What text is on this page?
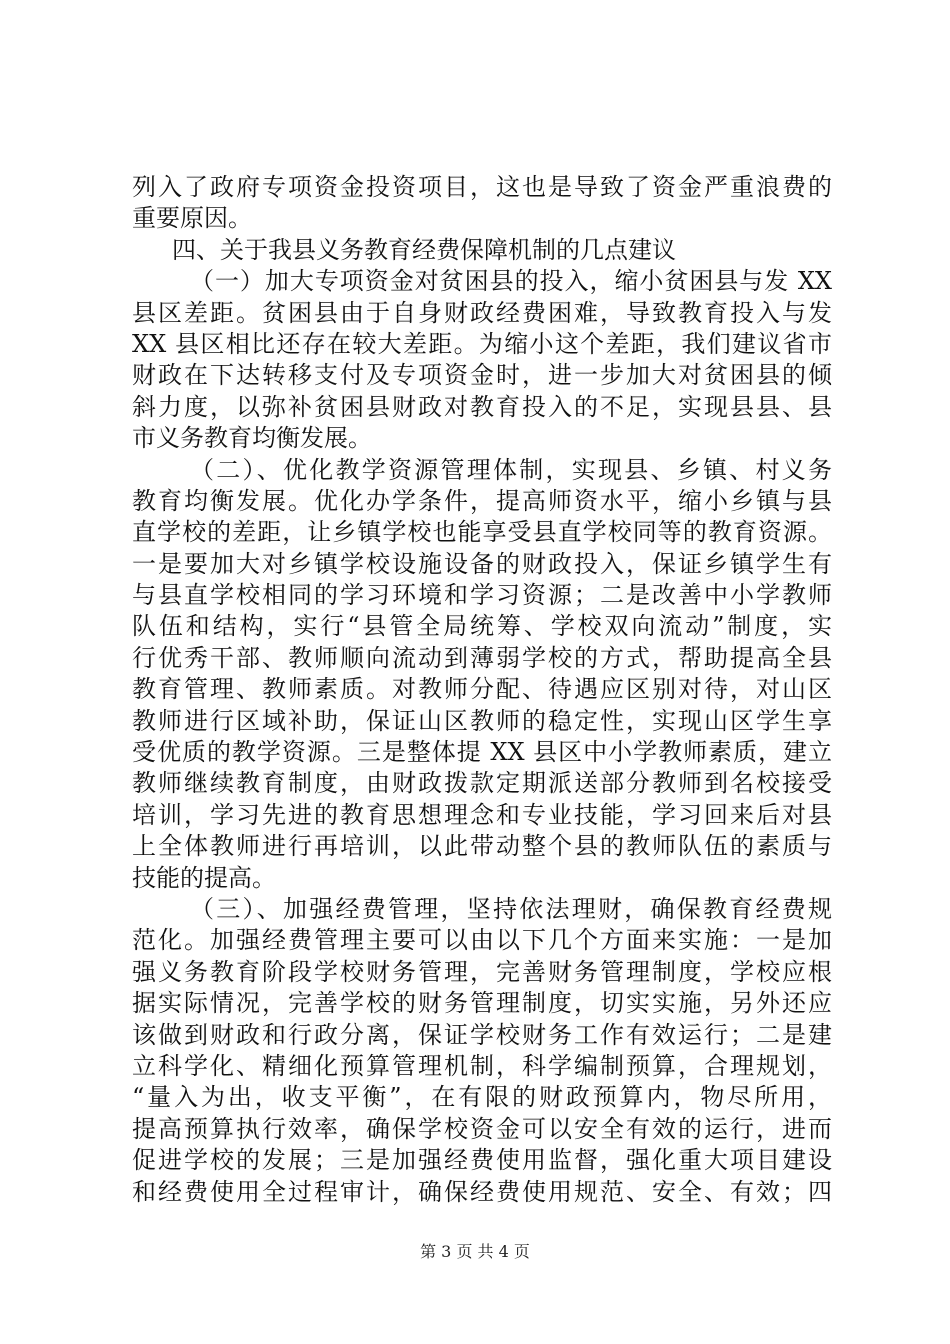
列入了政府专项资金投资项目，这也是导致了资金严重浪费的
重要原因。
四、关于我县义务教育经费保障机制的几点建议
（一）加大专项资金对贫困县的投入，缩小贫困县与发 XX
县区差距。贫困县由于自身财政经费困难，导致教育投入与发
XX 县区相比还存在较大差距。为缩小这个差距，我们建议省市
财政在下达转移支付及专项资金时，进一步加大对贫困县的倾
斜力度，以弥补贫困县财政对教育投入的不足，实现县县、县
市义务教育均衡发展。
（二）、优化教学资源管理体制，实现县、乡镇、村义务
教育均衡发展。优化办学条件，提高师资水平，缩小乡镇与县
直学校的差距，让乡镇学校也能享受县直学校同等的教育资源。
一是要加大对乡镇学校设施设备的财政投入，保证乡镇学生有
与县直学校相同的学习环境和学习资源；二是改善中小学教师
队伍和结构，实行“县管全局统筹、学校双向流动”制度，实
行优秀干部、教师顺向流动到薄弱学校的方式，帮助提高全县
教育管理、教师素质。对教师分配、待遇应区别对待，对山区
教师进行区域补助，保证山区教师的稳定性，实现山区学生享
受优质的教学资源。三是整体提 XX 县区中小学教师素质，建立
教师继续教育制度，由财政拨款定期派送部分教师到名校接受
培训，学习先进的教育思想理念和专业技能，学习回来后对县
上全体教师进行再培训，以此带动整个县的教师队伍的素质与
技能的提高。
（三）、加强经费管理，坚持依法理财，确保教育经费规
范化。加强经费管理主要可以由以下几个方面来实施：一是加
强义务教育阶段学校财务管理，完善财务管理制度，学校应根
据实际情况，完善学校的财务管理制度，切实实施，另外还应
该做到财政和行政分离，保证学校财务工作有效运行；二是建
立科学化、精细化预算管理机制，科学编制预算，合理规划，
“量入为出，收支平衡”，在有限的财政预算内，物尽所用，
提高预算执行效率，确保学校资金可以安全有效的运行，进而
促进学校的发展；三是加强经费使用监督，强化重大项目建设
和经费使用全过程审计，确保经费使用规范、安全、有效；四
第 3 页 共 4 页
